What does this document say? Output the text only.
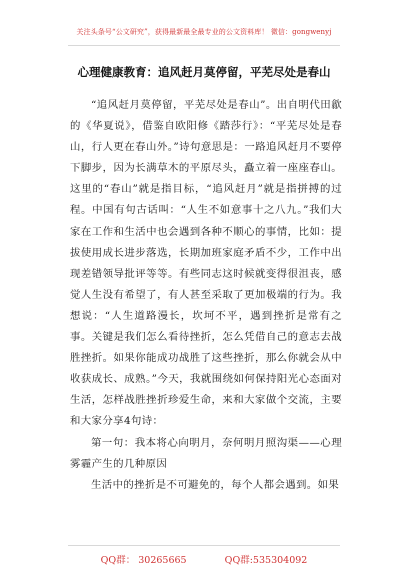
关注头条号“公文研究”，获得最新最全最专业的公文资料库！ 微信：gongwenyj
心理健康教育：追风赶月莫停留，平芜尽处是春山

“追风赶月莫停留，平芜尽处是春山”。出自明代田歙的《华夏说》，借鉴自欧阳修《踏莎行》：“平芜尽处是春山，行人更在春山外。”诗句意思是：一路追风赶月不要停下脚步，因为长满草木的平原尽头，矗立着一座座春山。这里的“春山”就是指目标，“追风赶月”就是指拼搏的过程。中国有句古话叫：“人生不如意事十之八九。”我们大家在工作和生活中也会遇到各种不顺心的事情，比如：提拔使用成长进步落选，长期加班家庭矛盾不少，工作中出现差错领导批评等等。有些同志这时候就变得很沮丧，感觉人生没有希望了，有人甚至采取了更加极端的行为。我想说：“人生道路漫长，坎坷不平，遇到挫折是常有之事。关键是我们怎么看待挫折，怎么凭借自己的意志去战胜挫折。如果你能成功战胜了这些挫折，那么你就会从中收获成长、成熟。”今天，我就围绕如何保持阳光心态面对生活，怎样战胜挫折珍爱生命，来和大家做个交流，主要和大家分享4句诗：

第一句：我本将心向明月，奈何明月照沟渠——心理雾霾产生的几种原因

生活中的挫折是不可避免的，每个人都会遇到。如果

QQ群： 30265665	QQ群:535304092
